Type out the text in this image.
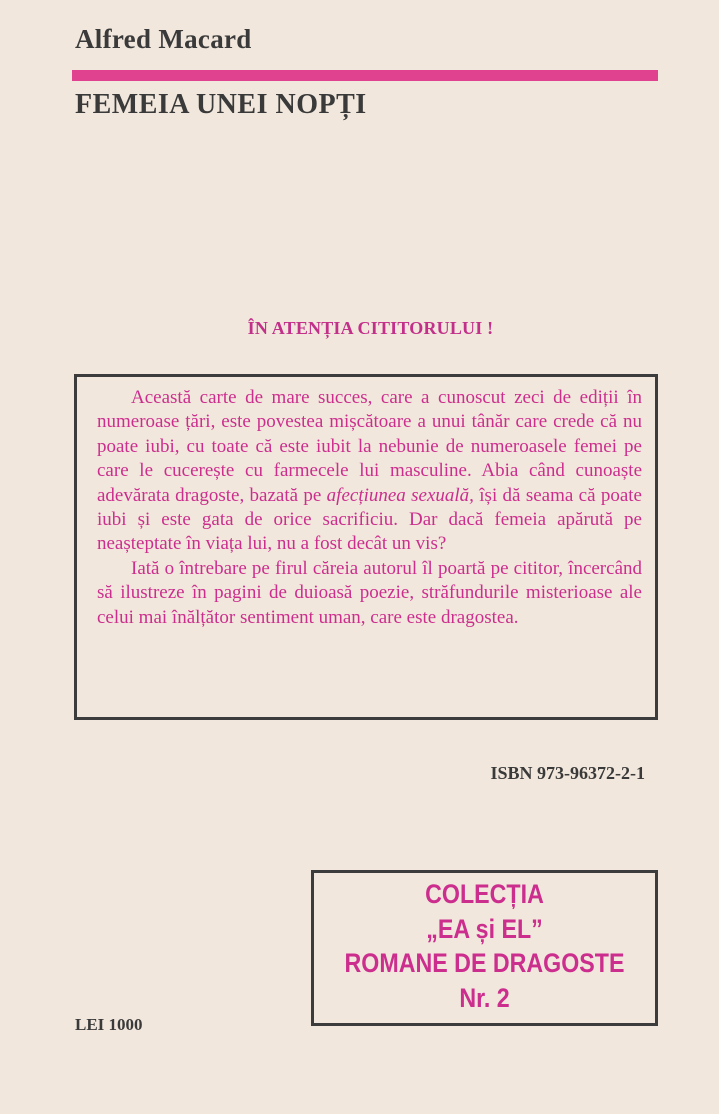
Alfred Macard
FEMEIA UNEI NOPȚI
ÎN ATENȚIA CITITORULUI !

Această carte de mare succes, care a cunoscut zeci de ediții în numeroase țări, este povestea mișcătoare a unui tânăr care crede că nu poate iubi, cu toate că este iubit la nebunie de numeroasele femei pe care le cucerește cu farmecele lui masculine. Abia când cunoaște adevărata dragoste, bazată pe afecțiunea sexuală, își dă seama că poate iubi și este gata de orice sacrificiu. Dar dacă femeia apărută pe neașteptate în viața lui, nu a fost decât un vis?

Iată o întrebare pe firul căreia autorul îl poartă pe cititor, încercând să ilustreze în pagini de duioasă poezie, străfundurile misterioase ale celui mai înălțător sentiment uman, care este dragostea.

ISBN 973-96372-2-1
COLECȚIA
„EA și EL”
ROMANE DE DRAGOSTE
Nr. 2
LEI 1000
